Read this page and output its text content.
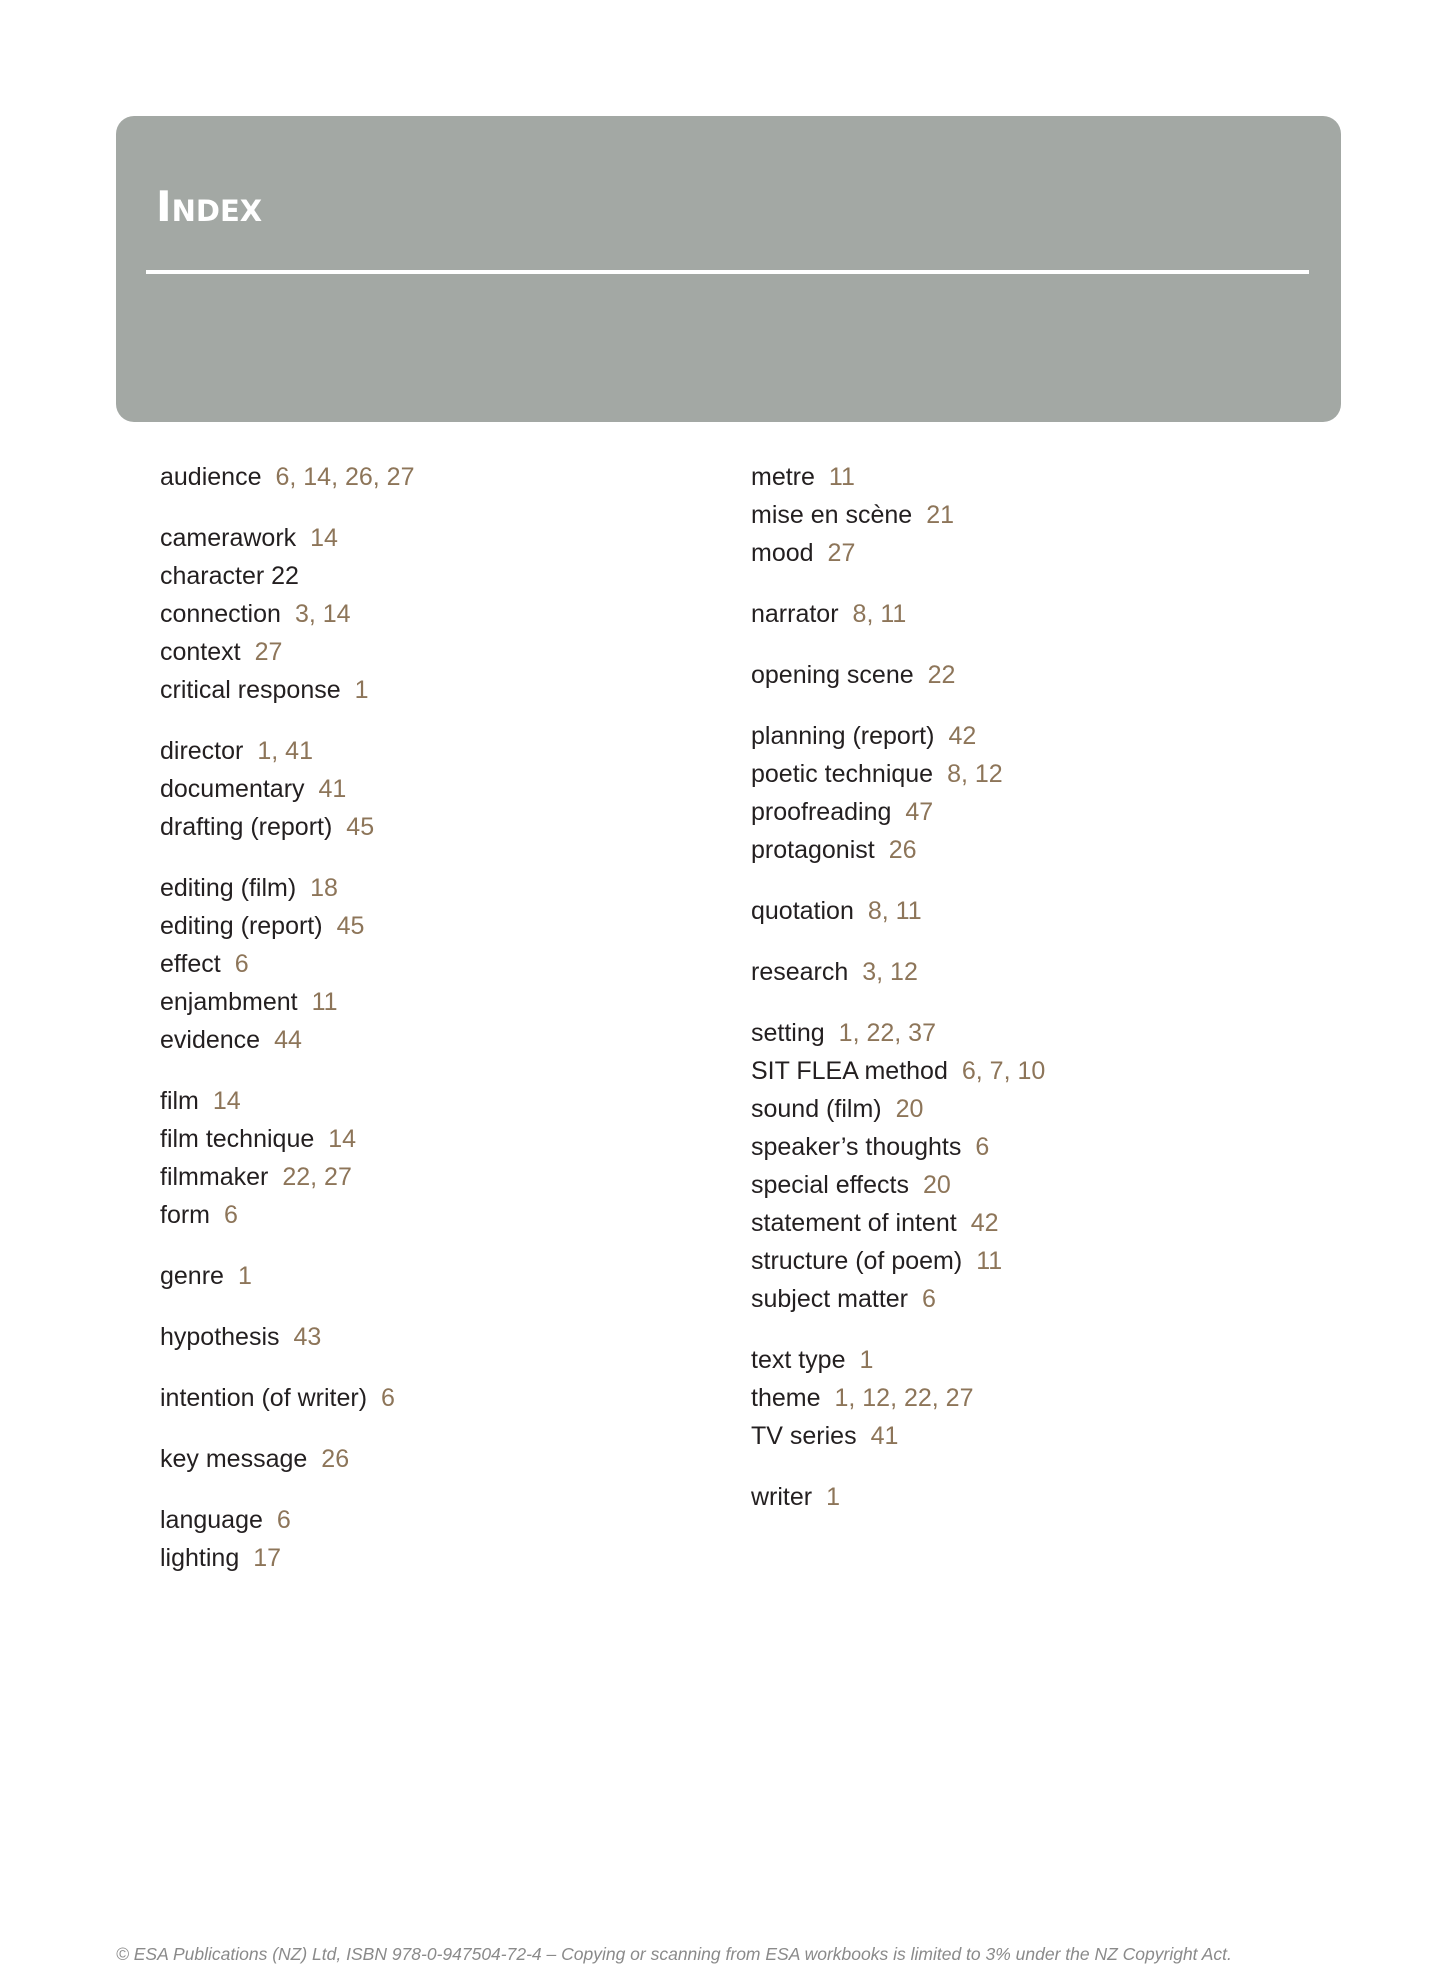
Index
audience 6, 14, 26, 27
camerawork 14
character 22
connection 3, 14
context 27
critical response 1
director 1, 41
documentary 41
drafting (report) 45
editing (film) 18
editing (report) 45
effect 6
enjambment 11
evidence 44
film 14
film technique 14
filmmaker 22, 27
form 6
genre 1
hypothesis 43
intention (of writer) 6
key message 26
language 6
lighting 17
metre 11
mise en scène 21
mood 27
narrator 8, 11
opening scene 22
planning (report) 42
poetic technique 8, 12
proofreading 47
protagonist 26
quotation 8, 11
research 3, 12
setting 1, 22, 37
SIT FLEA method 6, 7, 10
sound (film) 20
speaker’s thoughts 6
special effects 20
statement of intent 42
structure (of poem) 11
subject matter 6
text type 1
theme 1, 12, 22, 27
TV series 41
writer 1
© ESA Publications (NZ) Ltd, ISBN 978-0-947504-72-4 – Copying or scanning from ESA workbooks is limited to 3% under the NZ Copyright Act.
